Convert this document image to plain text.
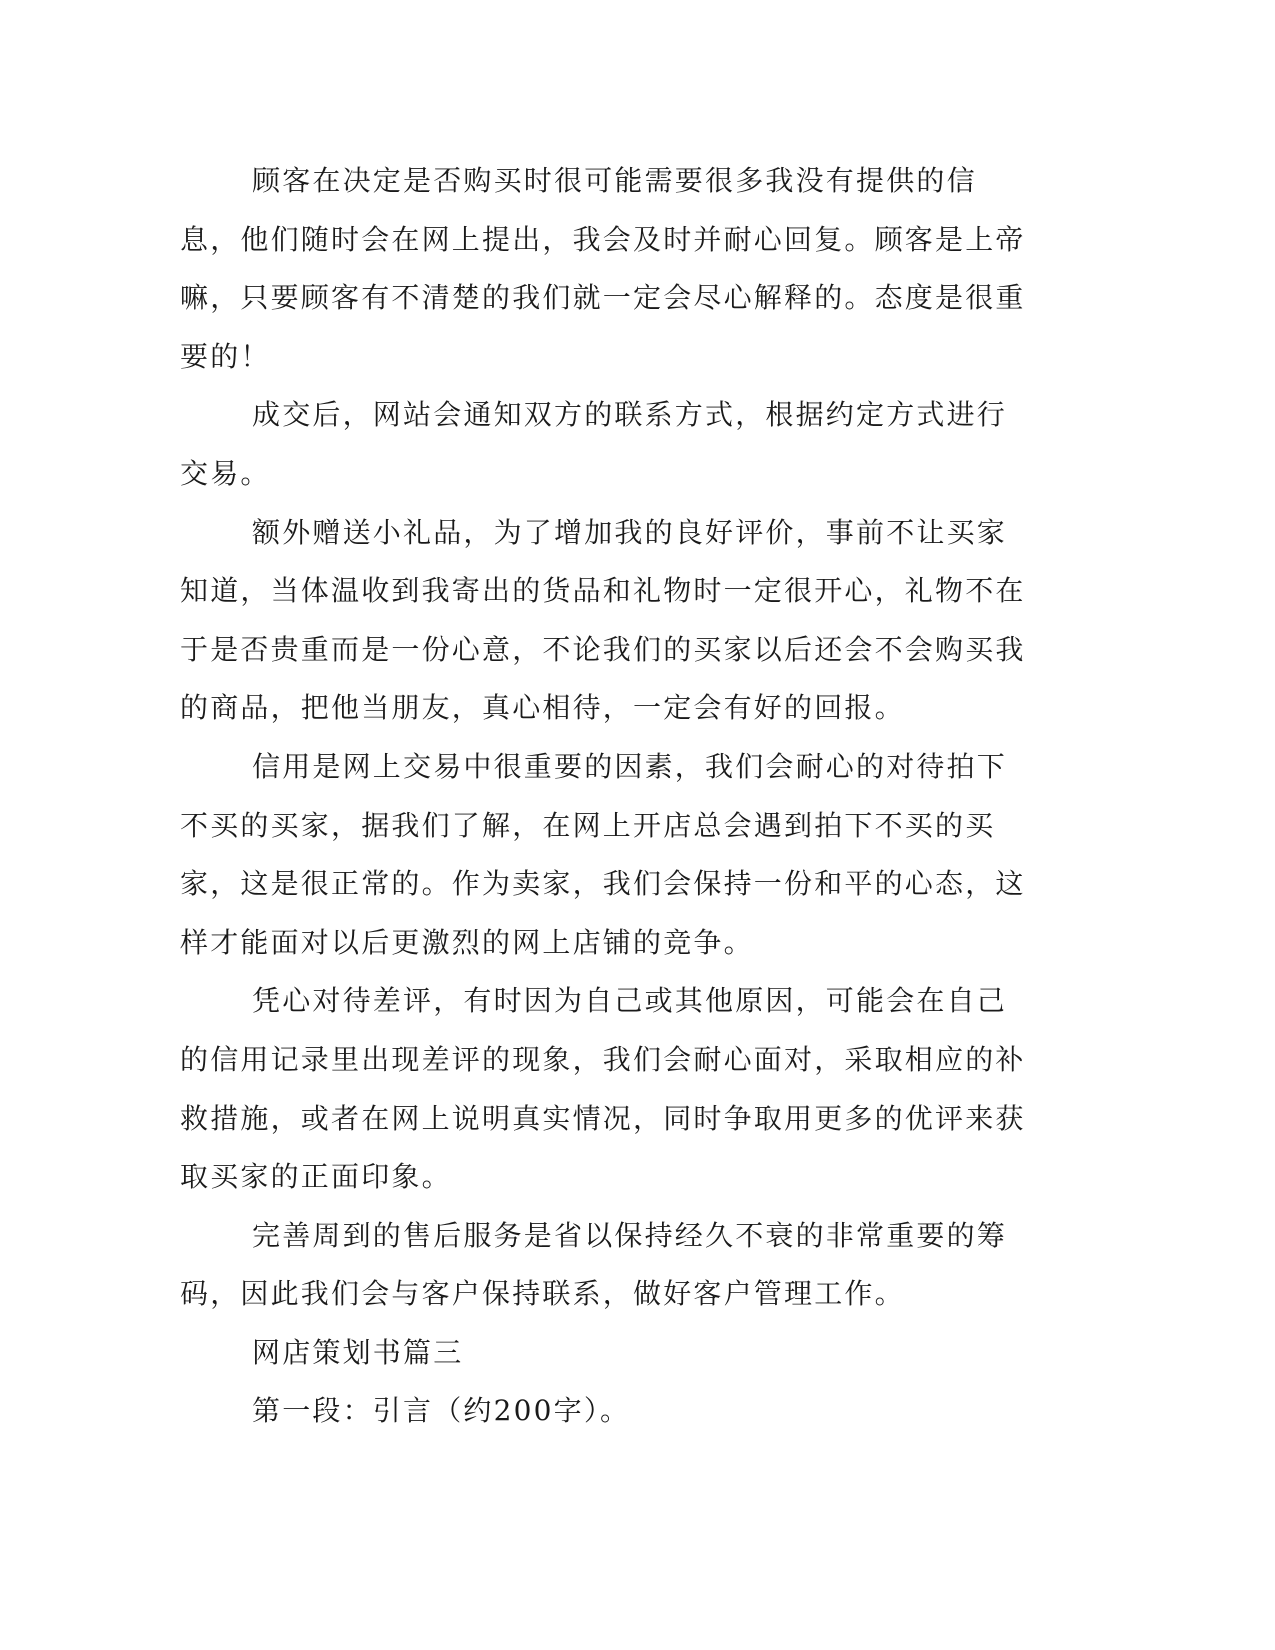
顾客在决定是否购买时很可能需要很多我没有提供的信息，他们随时会在网上提出，我会及时并耐心回复。顾客是上帝嘛，只要顾客有不清楚的我们就一定会尽心解释的。态度是很重要的！

成交后，网站会通知双方的联系方式，根据约定方式进行交易。

额外赠送小礼品，为了增加我的良好评价，事前不让买家知道，当体温收到我寄出的货品和礼物时一定很开心，礼物不在于是否贵重而是一份心意，不论我们的买家以后还会不会购买我的商品，把他当朋友，真心相待，一定会有好的回报。

信用是网上交易中很重要的因素，我们会耐心的对待拍下不买的买家，据我们了解，在网上开店总会遇到拍下不买的买家，这是很正常的。作为卖家，我们会保持一份和平的心态，这样才能面对以后更激烈的网上店铺的竞争。

凭心对待差评，有时因为自己或其他原因，可能会在自己的信用记录里出现差评的现象，我们会耐心面对，采取相应的补救措施，或者在网上说明真实情况，同时争取用更多的优评来获取买家的正面印象。

完善周到的售后服务是省以保持经久不衰的非常重要的筹码，因此我们会与客户保持联系，做好客户管理工作。

网店策划书篇三

第一段：引言（约200字）。
